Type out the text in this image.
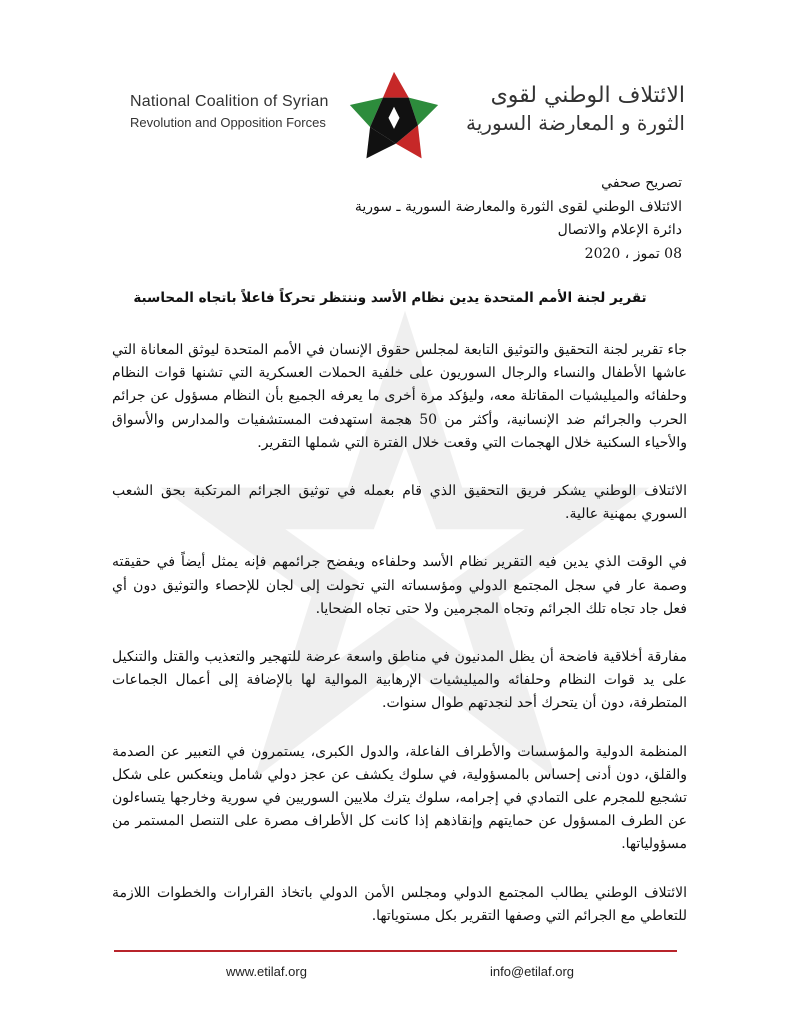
National Coalition of Syrian
Revolution and Opposition Forces
الائتلاف الوطني لقوى
الثورة و المعارضة السورية
تصريح صحفي
الائتلاف الوطني لقوى الثورة والمعارضة السورية ـ سورية
دائرة الإعلام والاتصال
08 تموز ، 2020
تقرير لجنة الأمم المتحدة يدين نظام الأسد وننتظر تحركاً فاعلاً باتجاه المحاسبة

جاء تقرير لجنة التحقيق والتوثيق التابعة لمجلس حقوق الإنسان في الأمم المتحدة ليوثق المعاناة التي عاشها الأطفال والنساء والرجال السوريون على خلفية الحملات العسكرية التي تشنها قوات النظام وحلفائه والميليشيات المقاتلة معه، وليؤكد مرة أخرى ما يعرفه الجميع بأن النظام مسؤول عن جرائم الحرب والجرائم ضد الإنسانية، وأكثر من 50 هجمة استهدفت المستشفيات والمدارس والأسواق والأحياء السكنية خلال الهجمات التي وقعت خلال الفترة التي شملها التقرير.

الائتلاف الوطني يشكر فريق التحقيق الذي قام بعمله في توثيق الجرائم المرتكبة بحق الشعب السوري بمهنية عالية.

في الوقت الذي يدين فيه التقرير نظام الأسد وحلفاءه ويفضح جرائمهم فإنه يمثل أيضاً في حقيقته وصمة عار في سجل المجتمع الدولي ومؤسساته التي تحولت إلى لجان للإحصاء والتوثيق دون أي فعل جاد تجاه تلك الجرائم وتجاه المجرمين ولا حتى تجاه الضحايا.

مفارقة أخلاقية فاضحة أن يظل المدنيون في مناطق واسعة عرضة للتهجير والتعذيب والقتل والتنكيل على يد قوات النظام وحلفائه والميليشيات الإرهابية الموالية لها بالإضافة إلى أعمال الجماعات المتطرفة، دون أن يتحرك أحد لنجدتهم طوال سنوات.

المنظمة الدولية والمؤسسات والأطراف الفاعلة، والدول الكبرى، يستمرون في التعبير عن الصدمة والقلق، دون أدنى إحساس بالمسؤولية، في سلوك يكشف عن عجز دولي شامل وينعكس على شكل تشجيع للمجرم على التمادي في إجرامه، سلوك يترك ملايين السوريين في سورية وخارجها يتساءلون عن الطرف المسؤول عن حمايتهم وإنقاذهم إذا كانت كل الأطراف مصرة على التنصل المستمر من مسؤولياتها.

الائتلاف الوطني يطالب المجتمع الدولي ومجلس الأمن الدولي باتخاذ القرارات والخطوات اللازمة للتعاطي مع الجرائم التي وصفها التقرير بكل مستوياتها.

www.etilaf.org	info@etilaf.org
